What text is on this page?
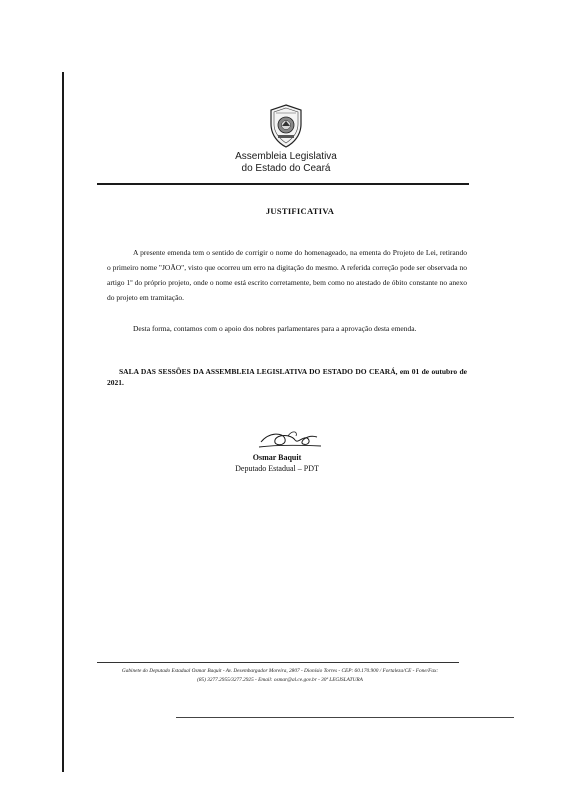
Assembleia Legislativa
do Estado do Ceará
JUSTIFICATIVA

A presente emenda tem o sentido de corrigir o nome do homenageado, na ementa do Projeto de Lei, retirando o primeiro nome "JOÃO", visto que ocorreu um erro na digitação do mesmo. A referida correção pode ser observada no artigo 1º do próprio projeto, onde o nome está escrito corretamente, bem como no atestado de óbito constante no anexo do projeto em tramitação.

Desta forma, contamos com o apoio dos nobres parlamentares para a aprovação desta emenda.

SALA DAS SESSÕES DA ASSEMBLEIA LEGISLATIVA DO ESTADO DO CEARÁ, em 01 de outubro de 2021.

Osmar Baquit
Deputado Estadual – PDT
Gabinete do Deputado Estadual Osmar Baquit - Av. Desembargador Moreira, 2807 - Dionísio Torres - CEP: 60.170.900 / Fortaleza/CE - Fone/Fax:
(85) 3277.2955/3277.2925 - Email: osmar@al.ce.gov.br - 30ª LEGISLATURA
